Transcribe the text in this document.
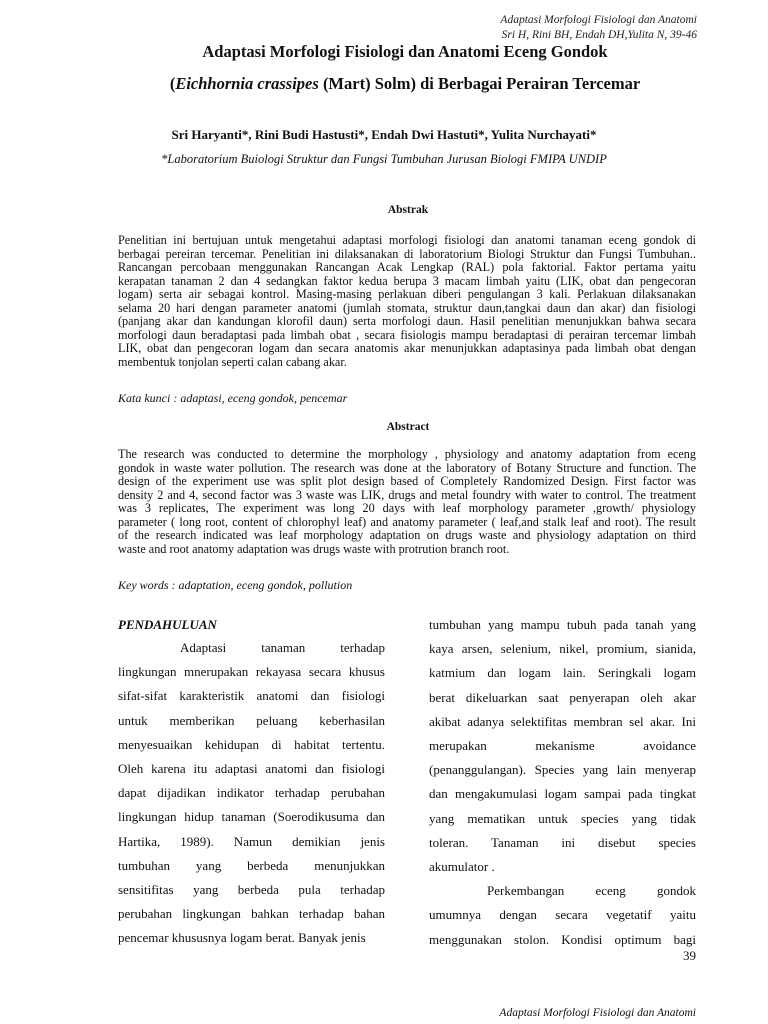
Adaptasi Morfologi Fisiologi dan Anatomi
Sri H, Rini BH, Endah DH,Yulita N, 39-46
Adaptasi Morfologi Fisiologi dan Anatomi Eceng Gondok
(Eichhornia crassipes (Mart) Solm) di Berbagai Perairan Tercemar
Sri Haryanti*, Rini Budi Hastusti*, Endah Dwi Hastuti*, Yulita Nurchayati*
*Laboratorium Buiologi Struktur dan Fungsi Tumbuhan Jurusan Biologi FMIPA UNDIP
Abstrak
Penelitian ini bertujuan untuk mengetahui adaptasi morfologi fisiologi dan anatomi tanaman eceng gondok di
berbagai pereiran tercemar. Penelitian ini dilaksanakan di laboratorium Biologi Struktur dan Fungsi Tumbuhan..
Rancangan percobaan menggunakan Rancangan Acak Lengkap (RAL) pola faktorial. Faktor pertama yaitu
kerapatan tanaman 2 dan 4 sedangkan faktor kedua berupa 3 macam limbah yaitu (LIK, obat dan pengecoran
logam) serta air sebagai kontrol. Masing-masing perlakuan diberi pengulangan 3 kali. Perlakuan dilaksanakan
selama 20 hari dengan parameter anatomi (jumlah stomata, struktur daun,tangkai daun dan akar) dan fisiologi
(panjang akar dan kandungan klorofil daun) serta morfologi daun. Hasil penelitian menunjukkan bahwa secara
morfologi daun beradaptasi pada limbah obat , secara fisiologis mampu beradaptasi di perairan tercemar limbah
LIK, obat dan pengecoran logam dan secara anatomis akar menunjukkan adaptasinya pada limbah obat dengan
membentuk tonjolan seperti calan cabang akar.
Kata kunci : adaptasi, eceng gondok, pencemar
Abstract
The research was conducted to determine the morphology , physiology and anatomy adaptation from eceng
gondok in waste water pollution. The research was done at the laboratory of Botany Structure and function. The
design of the experiment use was split plot design based of Completely Randomized Design. First factor was
density 2 and 4, second factor was 3 waste was LIK, drugs and metal foundry with water to control. The treatment
was 3 replicates, The experiment was long 20 days with leaf morphology parameter ,growth/ physiology
parameter ( long root, content of chlorophyl leaf) and anatomy parameter ( leaf,and stalk leaf and root). The result
of the research indicated was leaf morphology adaptation on drugs waste and physiology adaptation on third
waste and root anatomy adaptation was drugs waste with protrution branch root.
Key words : adaptation, eceng gondok, pollution
PENDAHULUAN
Adaptasi tanaman terhadap
lingkungan mnerupakan rekayasa secara khusus
sifat-sifat karakteristik anatomi dan fisiologi
untuk memberikan peluang keberhasilan
menyesuaikan kehidupan di habitat tertentu.
Oleh karena itu adaptasi anatomi dan fisiologi
dapat dijadikan indikator terhadap perubahan
lingkungan hidup tanaman (Soerodikusuma dan
Hartika, 1989). Namun demikian jenis
tumbuhan yang berbeda menunjukkan
sensitifitas yang berbeda pula terhadap
perubahan lingkungan bahkan terhadap bahan
pencemar khususnya logam berat. Banyak jenis
tumbuhan yang mampu tubuh pada tanah yang
kaya arsen, selenium, nikel, promium, sianida,
katmium dan logam lain. Seringkali logam
berat dikeluarkan saat penyerapan oleh akar
akibat adanya selektifitas membran sel akar. Ini
merupakan mekanisme avoidance
(penanggulangan). Species yang lain menyerap
dan mengakumulasi logam sampai pada tingkat
yang mematikan untuk species yang tidak
toleran. Tanaman ini disebut species
akumulator .
Perkembangan eceng gondok
umumnya dengan secara vegetatif yaitu
menggunakan stolon. Kondisi optimum bagi
39
Adaptasi Morfologi Fisiologi dan Anatomi
